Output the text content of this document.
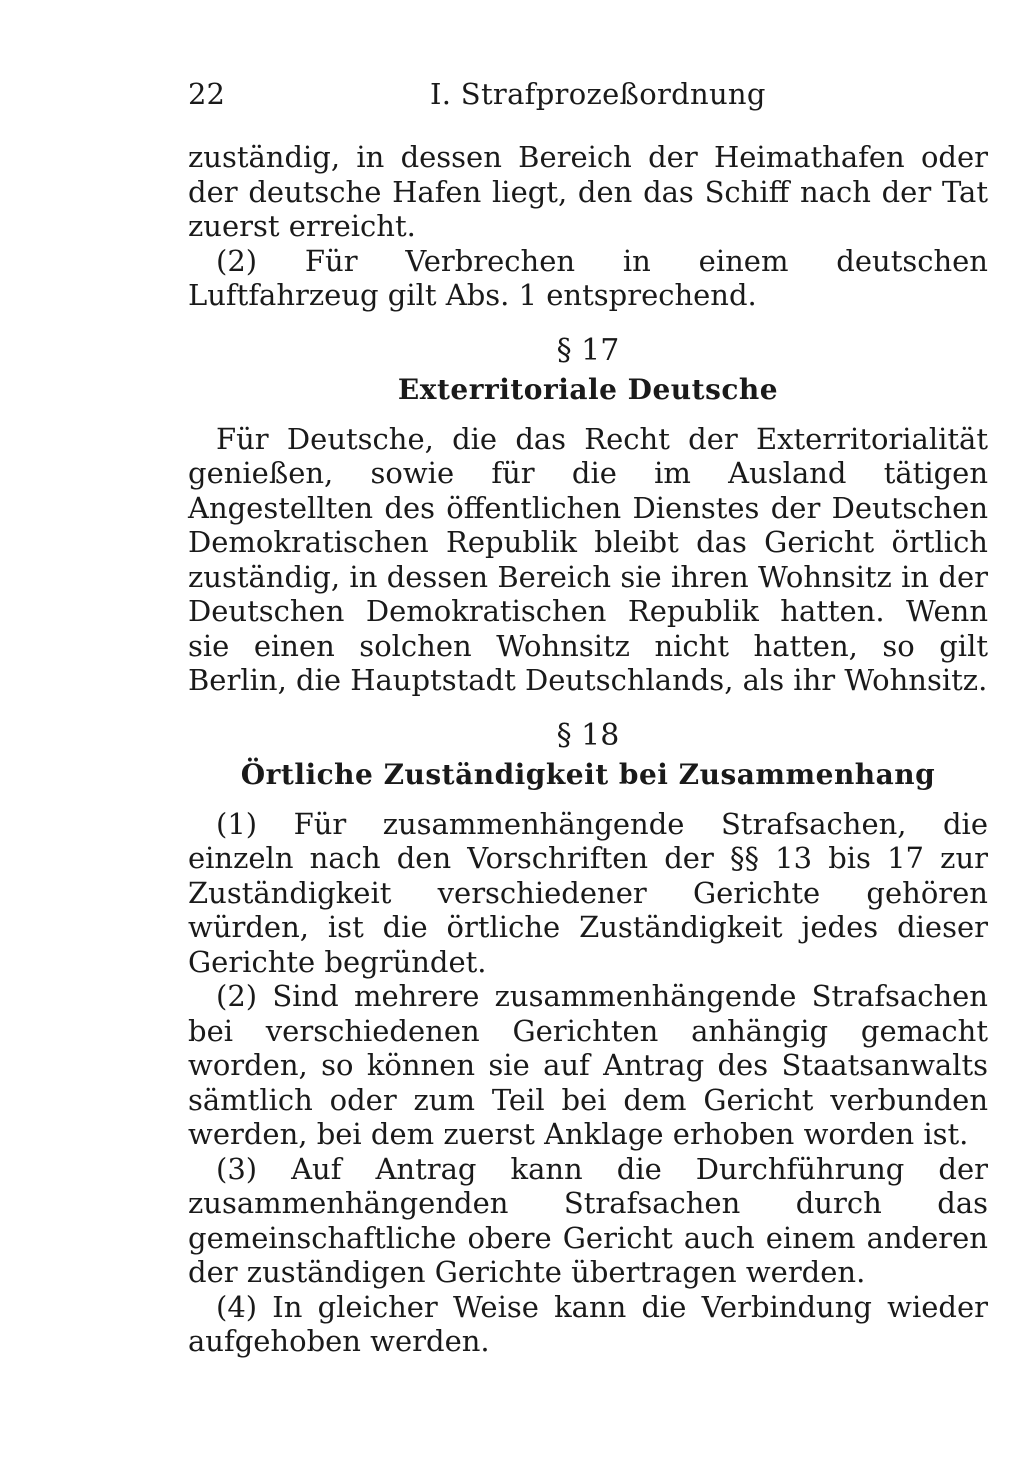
22	I. Strafprozeßordnung

zuständig, in dessen Bereich der Heimathafen oder der deutsche Hafen liegt, den das Schiff nach der Tat zuerst erreicht.

(2) Für Verbrechen in einem deutschen Luftfahrzeug gilt Abs. 1 entsprechend.

§ 17
Exterritoriale Deutsche

Für Deutsche, die das Recht der Exterritorialität genießen, sowie für die im Ausland tätigen Angestellten des öffentlichen Dienstes der Deutschen Demokratischen Republik bleibt das Gericht örtlich zuständig, in dessen Bereich sie ihren Wohnsitz in der Deutschen Demokratischen Republik hatten. Wenn sie einen solchen Wohnsitz nicht hatten, so gilt Berlin, die Hauptstadt Deutschlands, als ihr Wohnsitz.

§ 18
Örtliche Zuständigkeit bei Zusammenhang

(1) Für zusammenhängende Strafsachen, die einzeln nach den Vorschriften der §§ 13 bis 17 zur Zuständigkeit verschiedener Gerichte gehören würden, ist die örtliche Zuständigkeit jedes dieser Gerichte begründet.

(2) Sind mehrere zusammenhängende Strafsachen bei verschiedenen Gerichten anhängig gemacht worden, so können sie auf Antrag des Staatsanwalts sämtlich oder zum Teil bei dem Gericht verbunden werden, bei dem zuerst Anklage erhoben worden ist.

(3) Auf Antrag kann die Durchführung der zusammenhängenden Strafsachen durch das gemeinschaftliche obere Gericht auch einem anderen der zuständigen Gerichte übertragen werden.

(4) In gleicher Weise kann die Verbindung wieder aufgehoben werden.
